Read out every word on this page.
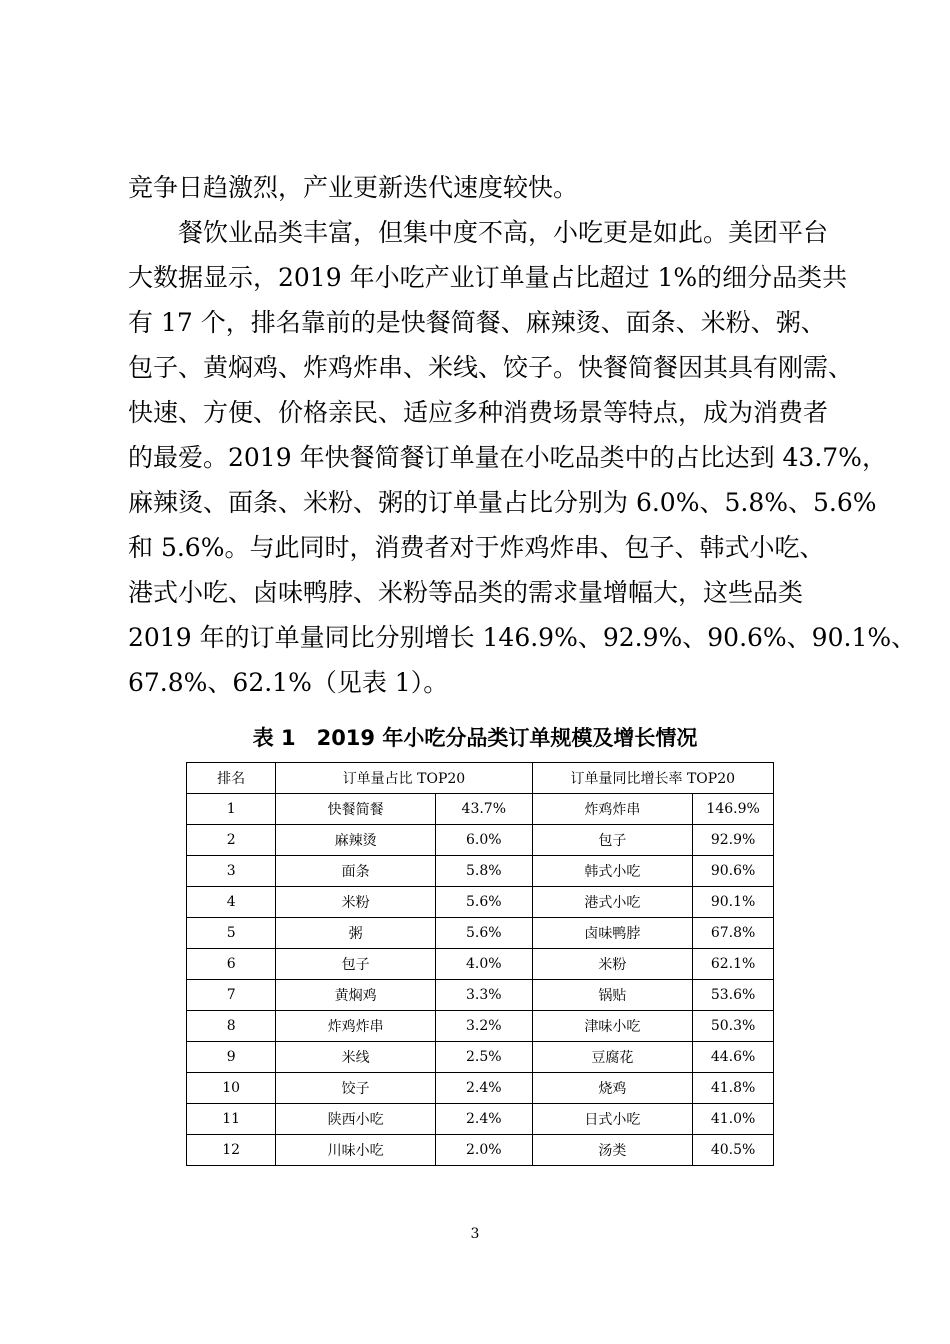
竞争日趋激烈，产业更新迭代速度较快。
　　餐饮业品类丰富，但集中度不高，小吃更是如此。美团平台
大数据显示，2019 年小吃产业订单量占比超过 1%的细分品类共
有 17 个，排名靠前的是快餐简餐、麻辣烫、面条、米粉、粥、
包子、黄焖鸡、炸鸡炸串、米线、饺子。快餐简餐因其具有刚需、
快速、方便、价格亲民、适应多种消费场景等特点，成为消费者
的最爱。2019 年快餐简餐订单量在小吃品类中的占比达到 43.7%，
麻辣烫、面条、米粉、粥的订单量占比分别为 6.0%、5.8%、5.6%
和 5.6%。与此同时，消费者对于炸鸡炸串、包子、韩式小吃、
港式小吃、卤味鸭脖、米粉等品类的需求量增幅大，这些品类
2019 年的订单量同比分别增长 146.9%、92.9%、90.6%、90.1%、
67.8%、62.1%（见表 1）。
表 1　2019 年小吃分品类订单规模及增长情况
排名	订单量占比 TOP20		订单量同比增长率 TOP20	
1	快餐简餐	43.7%	炸鸡炸串	146.9%
2	麻辣烫	6.0%	包子	92.9%
3	面条	5.8%	韩式小吃	90.6%
4	米粉	5.6%	港式小吃	90.1%
5	粥	5.6%	卤味鸭脖	67.8%
6	包子	4.0%	米粉	62.1%
7	黄焖鸡	3.3%	锅贴	53.6%
8	炸鸡炸串	3.2%	津味小吃	50.3%
9	米线	2.5%	豆腐花	44.6%
10	饺子	2.4%	烧鸡	41.8%
11	陕西小吃	2.4%	日式小吃	41.0%
12	川味小吃	2.0%	汤类	40.5%
3
